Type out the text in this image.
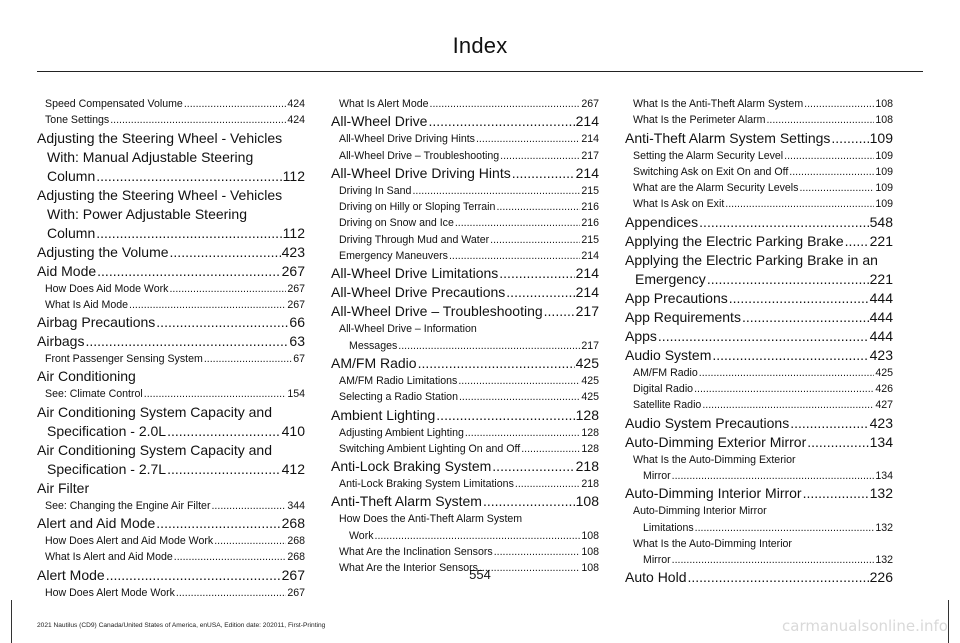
Index
Speed Compensated Volume .....	424
Tone Settings .....	424
Adjusting the Steering Wheel - Vehicles
With: Manual Adjustable Steering
Column .....	112
Adjusting the Steering Wheel - Vehicles
With: Power Adjustable Steering
Column .....	112
Adjusting the Volume .....	423
Aid Mode .....	267
How Does Aid Mode Work .....	267
What Is Aid Mode .....	267
Airbag Precautions .....	66
Airbags .....	63
Front Passenger Sensing System .....	67
Air Conditioning
See: Climate Control .....	154
Air Conditioning System Capacity and
Specification - 2.0L .....	410
Air Conditioning System Capacity and
Specification - 2.7L .....	412
Air Filter
See: Changing the Engine Air Filter .....	344
Alert and Aid Mode .....	268
How Does Alert and Aid Mode Work .....	268
What Is Alert and Aid Mode .....	268
Alert Mode .....	267
How Does Alert Mode Work .....	267
What Is Alert Mode .....	267
All-Wheel Drive .....	214
All-Wheel Drive Driving Hints .....	214
All-Wheel Drive – Troubleshooting .....	217
All-Wheel Drive Driving Hints .....	214
Driving In Sand .....	215
Driving on Hilly or Sloping Terrain .....	216
Driving on Snow and Ice .....	216
Driving Through Mud and Water .....	215
Emergency Maneuvers .....	214
All-Wheel Drive Limitations .....	214
All-Wheel Drive Precautions .....	214
All-Wheel Drive – Troubleshooting ..... 217
All-Wheel Drive – Information
Messages .....	217
AM/FM Radio .....	425
AM/FM Radio Limitations .....	425
Selecting a Radio Station .....	425
Ambient Lighting .....	128
Adjusting Ambient Lighting .....	128
Switching Ambient Lighting On and Off .....	128
Anti-Lock Braking System .....	218
Anti-Lock Braking System Limitations .....	218
Anti-Theft Alarm System .....	108
How Does the Anti-Theft Alarm System
Work .....	108
What Are the Inclination Sensors .....	108
What Are the Interior Sensors .....	108
What Is the Anti-Theft Alarm System .....	108
What Is the Perimeter Alarm .....	108
Anti-Theft Alarm System Settings .....	109
Setting the Alarm Security Level .....	109
Switching Ask on Exit On and Off .....	109
What are the Alarm Security Levels .....	109
What Is Ask on Exit .....	109
Appendices .....	548
Applying the Electric Parking Brake ..... 221
Applying the Electric Parking Brake in an
Emergency .....	221
App Precautions .....	444
App Requirements .....	444
Apps .....	444
Audio System .....	423
AM/FM Radio .....	425
Digital Radio .....	426
Satellite Radio .....	427
Audio System Precautions .....	423
Auto-Dimming Exterior Mirror .....	134
What Is the Auto-Dimming Exterior
Mirror .....	134
Auto-Dimming Interior Mirror .....	132
Auto-Dimming Interior Mirror
Limitations .....	132
What Is the Auto-Dimming Interior
Mirror .....	132
Auto Hold .....	226
554
2021 Nautilus (CD9) Canada/United States of America, enUSA, Edition date: 202011, First-Printing	carmanualsonline.info
